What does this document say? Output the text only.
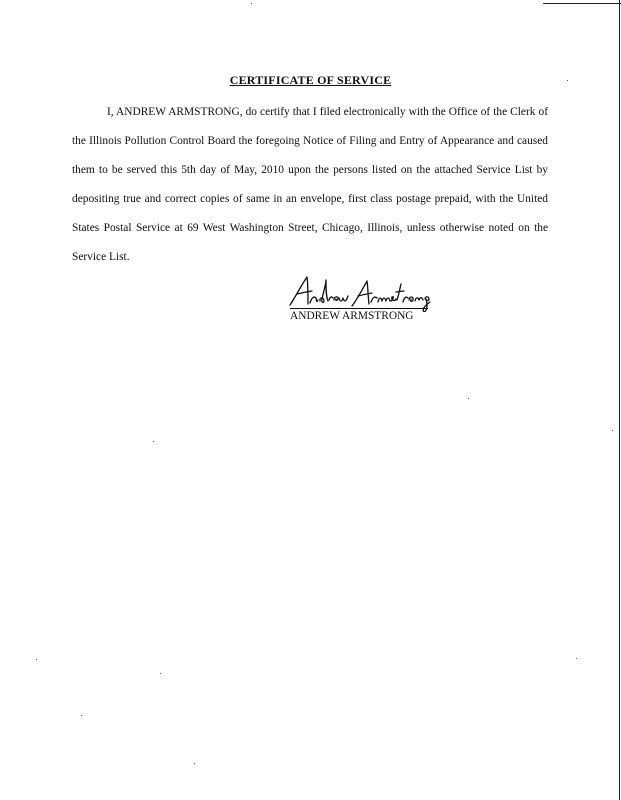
CERTIFICATE OF SERVICE

I, ANDREW ARMSTRONG, do certify that I filed electronically with the Office of the Clerk of the Illinois Pollution Control Board the foregoing Notice of Filing and Entry of Appearance and caused them to be served this 5th day of May, 2010 upon the persons listed on the attached Service List by depositing true and correct copies of same in an envelope, first class postage prepaid, with the United States Postal Service at 69 West Washington Street, Chicago, Illinois, unless otherwise noted on the Service List.

ANDREW ARMSTRONG
